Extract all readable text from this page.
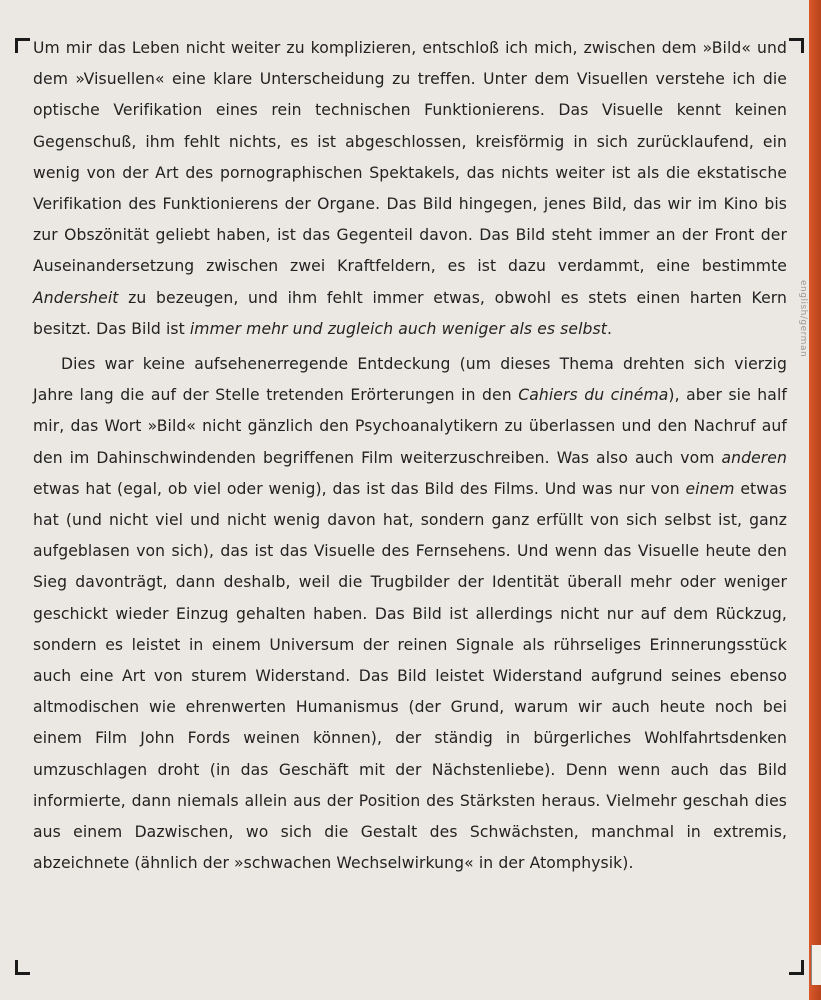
english/german

Um mir das Leben nicht weiter zu komplizieren, entschloß ich mich, zwischen dem »Bild« und dem »Visuellen« eine klare Unterscheidung zu treffen. Unter dem Visuellen verstehe ich die optische Verifikation eines rein technischen Funktionierens. Das Visuelle kennt keinen Gegenschuß, ihm fehlt nichts, es ist abgeschlossen, kreisförmig in sich zurücklaufend, ein wenig von der Art des pornographischen Spektakels, das nichts weiter ist als die ekstatische Verifikation des Funktionierens der Organe. Das Bild hingegen, jenes Bild, das wir im Kino bis zur Obszönität geliebt haben, ist das Gegenteil davon. Das Bild steht immer an der Front der Auseinandersetzung zwischen zwei Kraftfeldern, es ist dazu verdammt, eine bestimmte Andersheit zu bezeugen, und ihm fehlt immer etwas, obwohl es stets einen harten Kern besitzt. Das Bild ist immer mehr und zugleich auch weniger als es selbst.

Dies war keine aufsehenerregende Entdeckung (um dieses Thema drehten sich vierzig Jahre lang die auf der Stelle tretenden Erörterungen in den Cahiers du cinéma), aber sie half mir, das Wort »Bild« nicht gänzlich den Psychoanalytikern zu überlassen und den Nachruf auf den im Dahinschwindenden begriffenen Film weiterzuschreiben. Was also auch vom anderen etwas hat (egal, ob viel oder wenig), das ist das Bild des Films. Und was nur von einem etwas hat (und nicht viel und nicht wenig davon hat, sondern ganz erfüllt von sich selbst ist, ganz aufgeblasen von sich), das ist das Visuelle des Fernsehens. Und wenn das Visuelle heute den Sieg davonträgt, dann deshalb, weil die Trugbilder der Identität überall mehr oder weniger geschickt wieder Einzug gehalten haben. Das Bild ist allerdings nicht nur auf dem Rückzug, sondern es leistet in einem Universum der reinen Signale als rührseliges Erinnerungsstück auch eine Art von sturem Widerstand. Das Bild leistet Widerstand aufgrund seines ebenso altmodischen wie ehrenwerten Humanismus (der Grund, warum wir auch heute noch bei einem Film John Fords weinen können), der ständig in bürgerliches Wohlfahrtsdenken umzuschlagen droht (in das Geschäft mit der Nächstenliebe). Denn wenn auch das Bild informierte, dann niemals allein aus der Position des Stärksten heraus. Vielmehr geschah dies aus einem Dazwischen, wo sich die Gestalt des Schwächsten, manchmal in extremis, abzeichnete (ähnlich der »schwachen Wechselwirkung« in der Atomphysik).
